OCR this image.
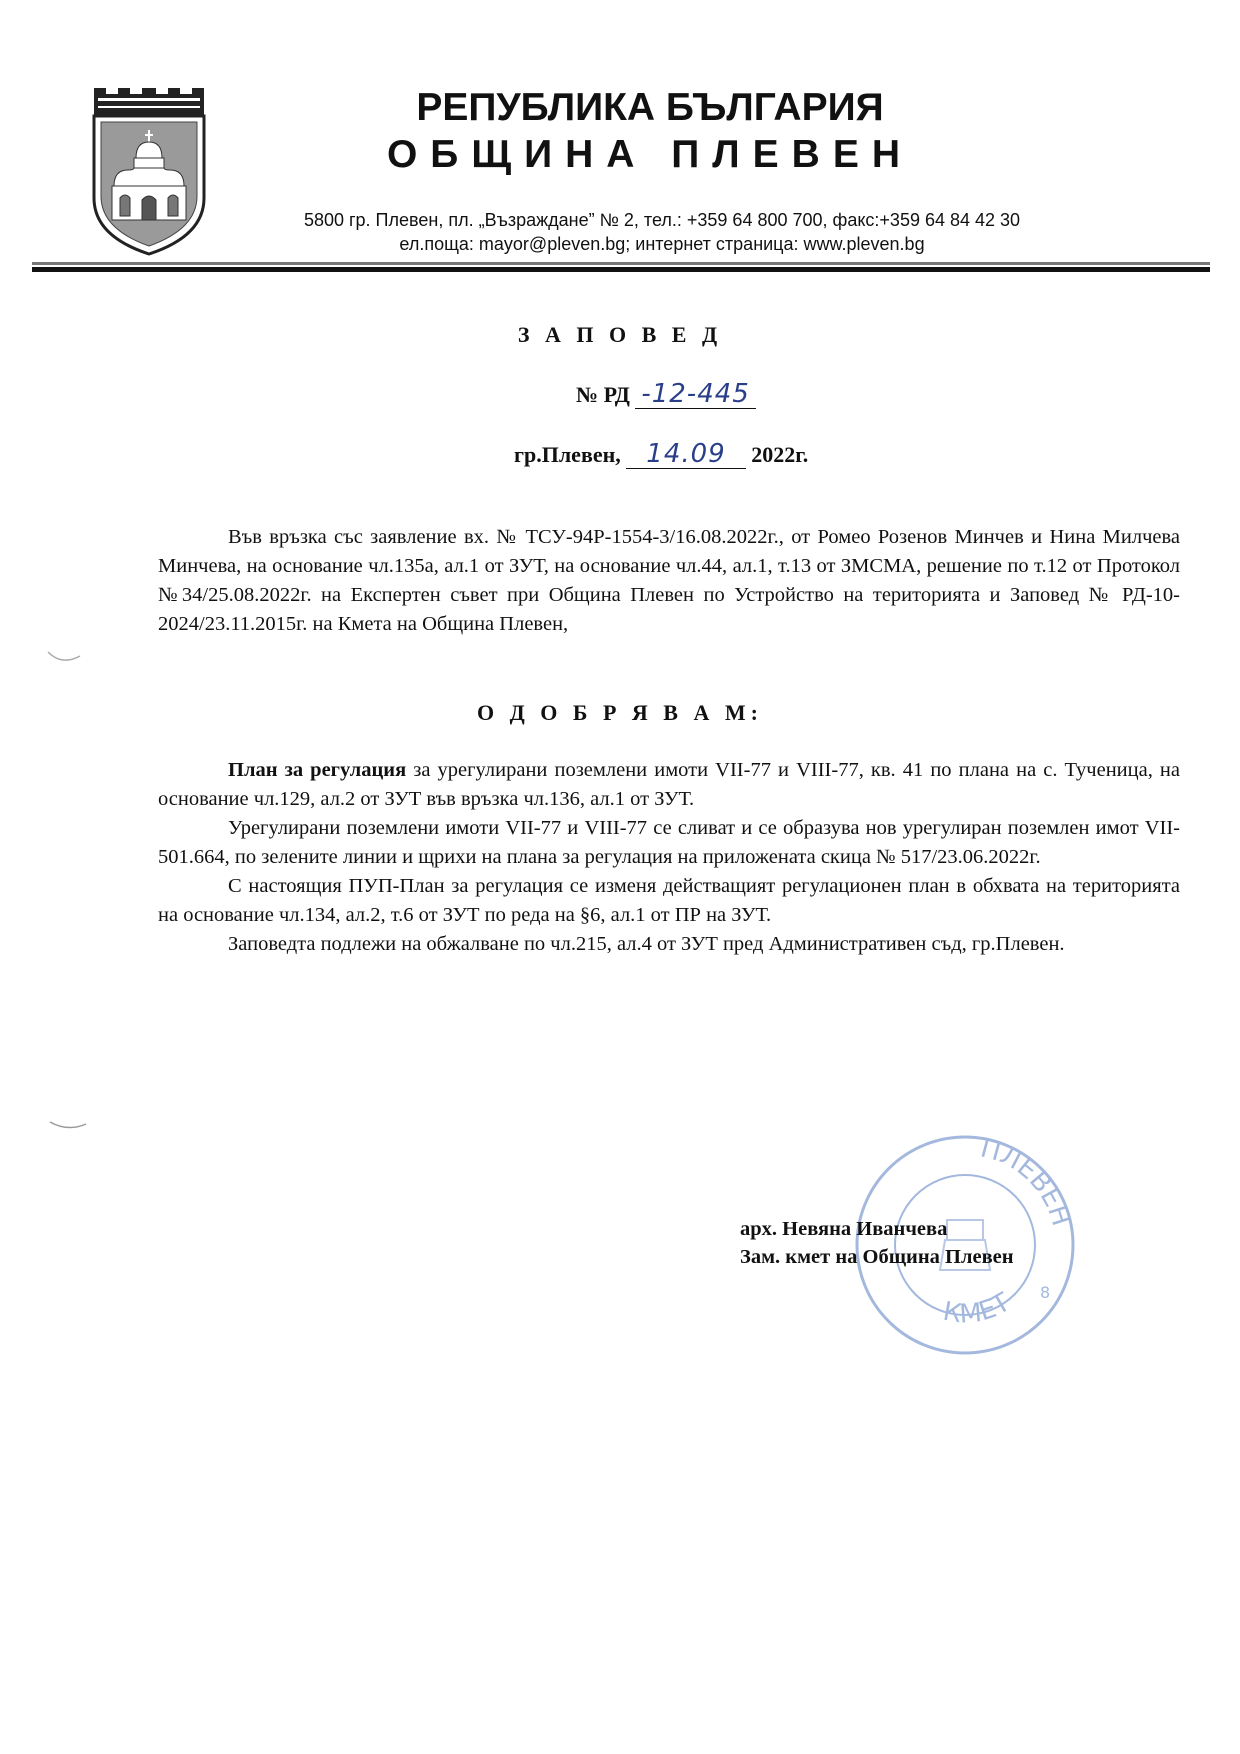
РЕПУБЛИКА БЪЛГАРИЯ
ОБЩИНА ПЛЕВЕН
5800 гр. Плевен, пл. „Възраждане” № 2, тел.: +359 64 800 700, факс:+359 64 84 42 30
ел.поща: mayor@pleven.bg; интернет страница: www.pleven.bg
З А П О В Е Д
№ РД -12-445
гр.Плевен, 14.09 2022г.
Във връзка със заявление вх. № ТСУ-94Р-1554-3/16.08.2022г., от Ромео Розенов Минчев и Нина Милчева Минчева, на основание чл.135а, ал.1 от ЗУТ, на основание чл.44, ал.1, т.13 от ЗМСМА, решение по т.12 от Протокол №34/25.08.2022г. на Експертен съвет при Община Плевен по Устройство на територията и Заповед № РД-10-2024/23.11.2015г. на Кмета на Община Плевен,
О Д О Б Р Я В А М:
План за регулация за урегулирани поземлени имоти VII-77 и VIII-77, кв. 41 по плана на с. Тученица, на основание чл.129, ал.2 от ЗУТ във връзка чл.136, ал.1 от ЗУТ.
Урегулирани поземлени имоти VII-77 и VIII-77 се сливат и се образува нов урегулиран поземлен имот VII-501.664, по зелените линии и щрихи на плана за регулация на приложената скица № 517/23.06.2022г.
С настоящия ПУП-План за регулация се изменя действащият регулационен план в обхвата на територията на основание чл.134, ал.2, т.6 от ЗУТ по реда на §6, ал.1 от ПР на ЗУТ.
Заповедта подлежи на обжалване по чл.215, ал.4 от ЗУТ пред Административен съд, гр.Плевен.
ПЛЕВЕН
КМЕТ 8
арх. Невяна Иванчева
Зам. кмет на Община Плевен
